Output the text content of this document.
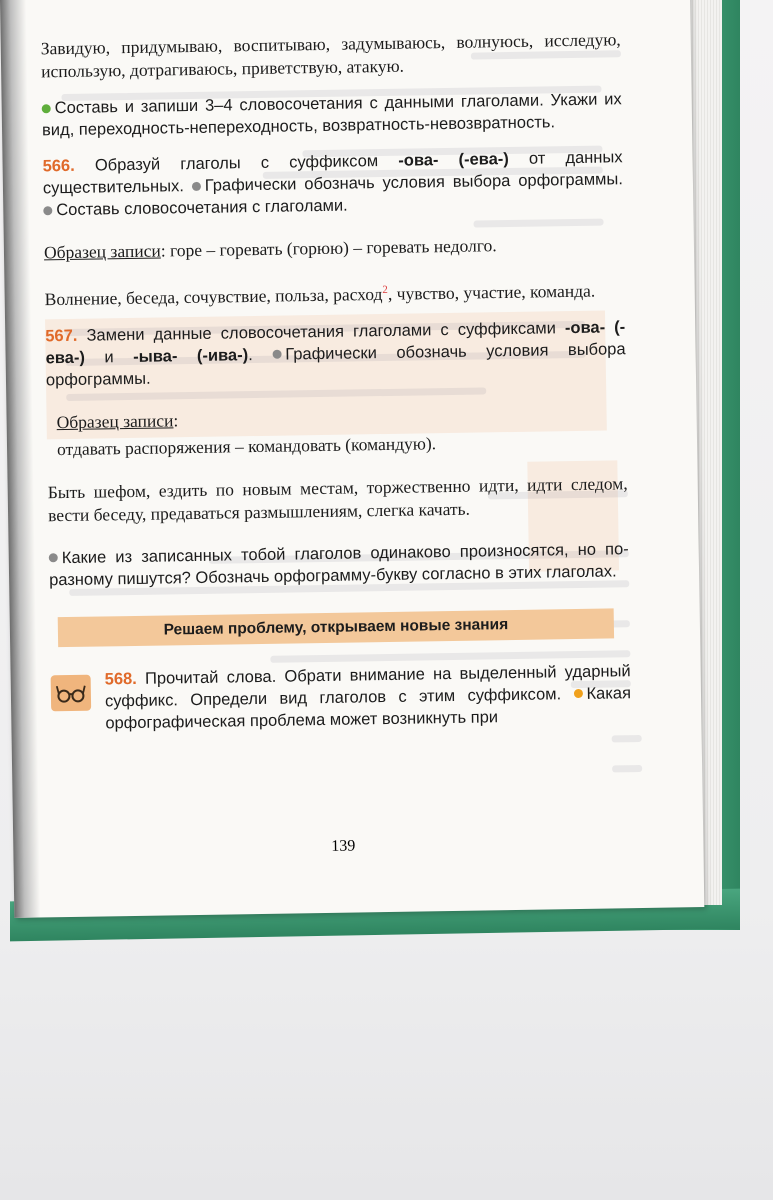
Завидую, придумываю, воспитываю, задумываюсь, волнуюсь, исследую, использую, дотрагиваюсь, приветствую, атакую.

Составь и запиши 3–4 словосочетания с данными глаголами. Укажи их вид, переходность-непереходность, возвратность-невозвратность.

566. Образуй глаголы с суффиксом -ова- (-ева-) от данных существительных. Графически обозначь условия выбора орфограммы. Составь словосочетания с глаголами.

Образец записи: горе – горевать (горюю) – горевать недолго.

Волнение, беседа, сочувствие, польза, расход$^2$, чувство, участие, команда.

567. Замени данные словосочетания глаголами с суффиксами -ова- (-ева-) и -ыва- (-ива-). Графически обозначь условия выбора орфограммы.

Образец записи:

отдавать распоряжения – командовать (командую).

Быть шефом, ездить по новым местам, торжественно идти, идти следом, вести беседу, предаваться размышлениям, слегка качать.

Какие из записанных тобой глаголов одинаково произносятся, но по-разному пишутся? Обозначь орфограмму-букву согласно в этих глаголах.

Решаем проблему, открываем новые знания

568. Прочитай слова. Обрати внимание на выделенный ударный суффикс. Определи вид глаголов с этим суффиксом. Какая орфографическая проблема может возникнуть при

139
